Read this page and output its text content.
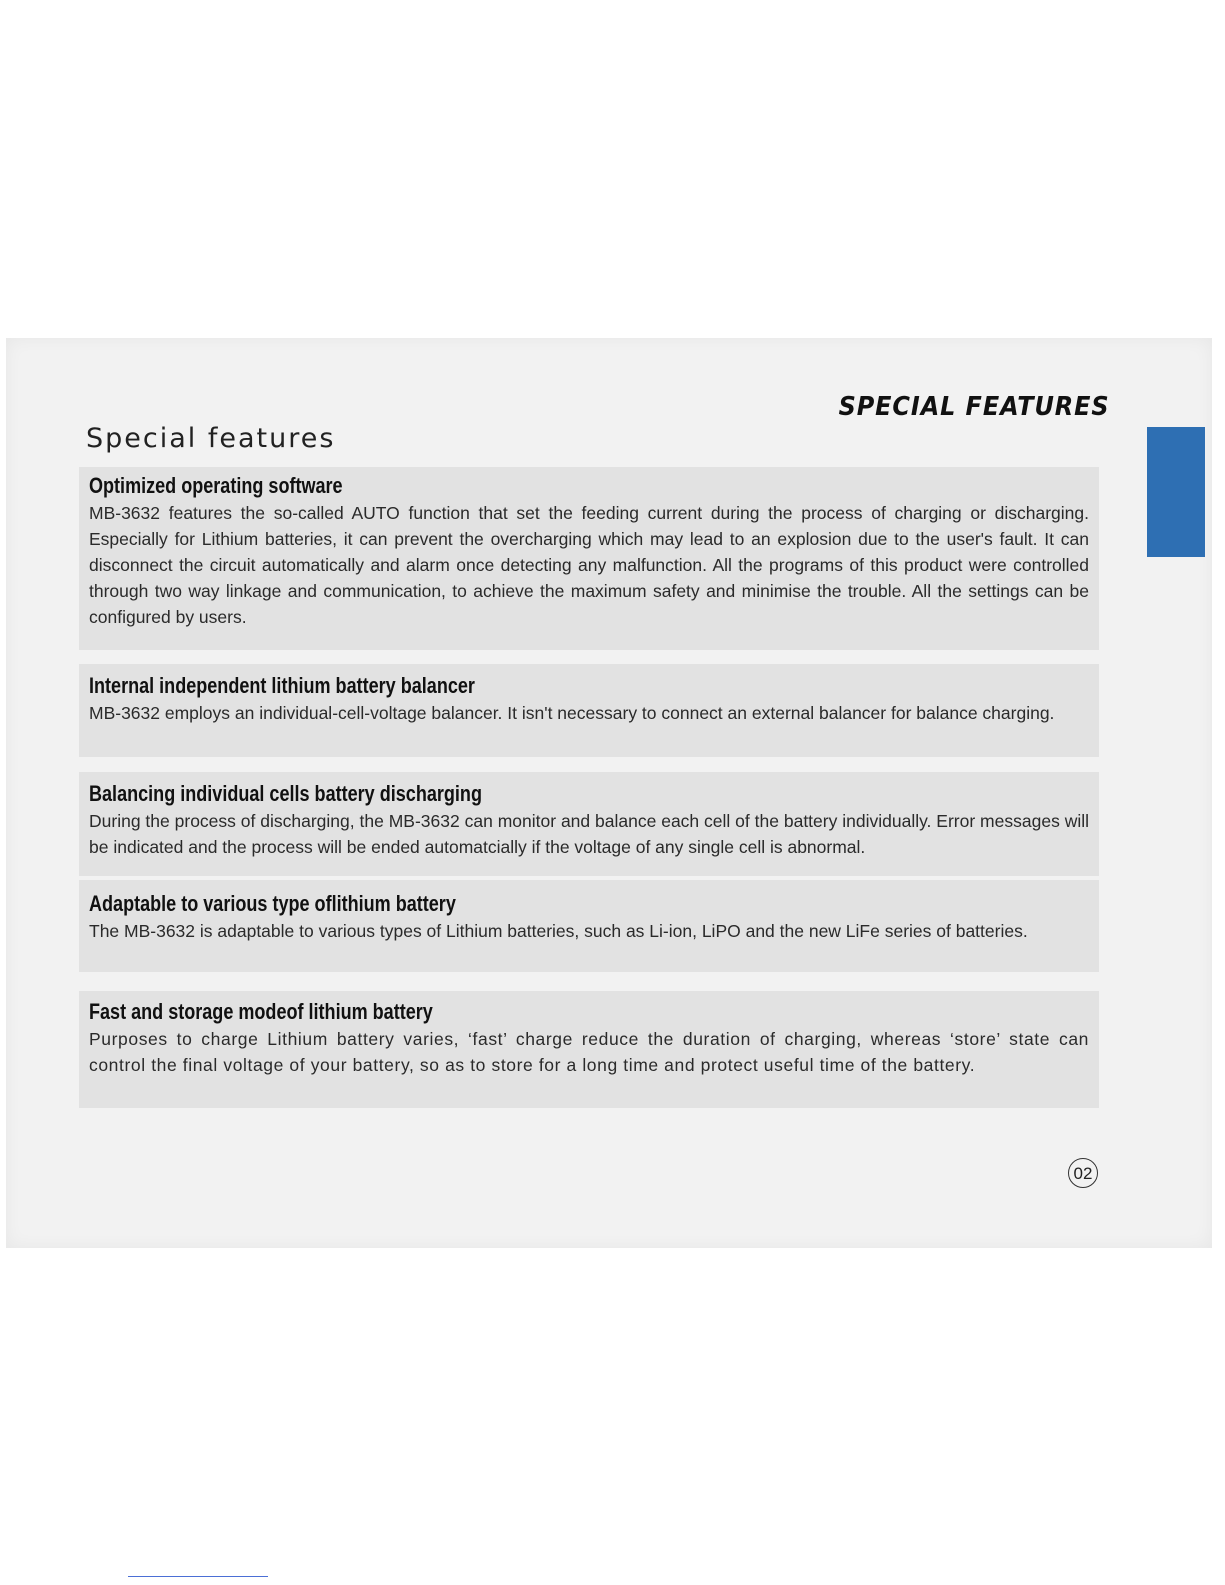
SPECIAL FEATURES
Special features
Optimized operating software
MB-3632 features the so-called AUTO function that set the feeding current during the process of charging or discharging. Especially for Lithium batteries, it can prevent the overcharging which may lead to an explosion due to the user's fault. It can disconnect the circuit automatically and alarm once detecting any malfunction. All the programs of this product were controlled through two way linkage and communication, to achieve the maximum safety and minimise the trouble. All the settings can be configured by users.
Internal independent lithium battery balancer
MB-3632 employs an individual-cell-voltage balancer. It isn't necessary to connect an external balancer for balance charging.
Balancing individual cells battery discharging
During the process of discharging, the MB-3632 can monitor and balance each cell of the battery individually. Error messages will be indicated and the process will be ended automatcially if the voltage of any single cell is abnormal.
Adaptable to various type oflithium battery
The MB-3632 is adaptable to various types of Lithium batteries, such as Li-ion, LiPO and the new LiFe series of batteries.
Fast and storage modeof lithium battery
Purposes to charge Lithium battery varies, ‘fast’ charge reduce the duration of charging, whereas ‘store’ state can control the final voltage of your battery, so as to store for a long time and protect useful time of the battery.
02
